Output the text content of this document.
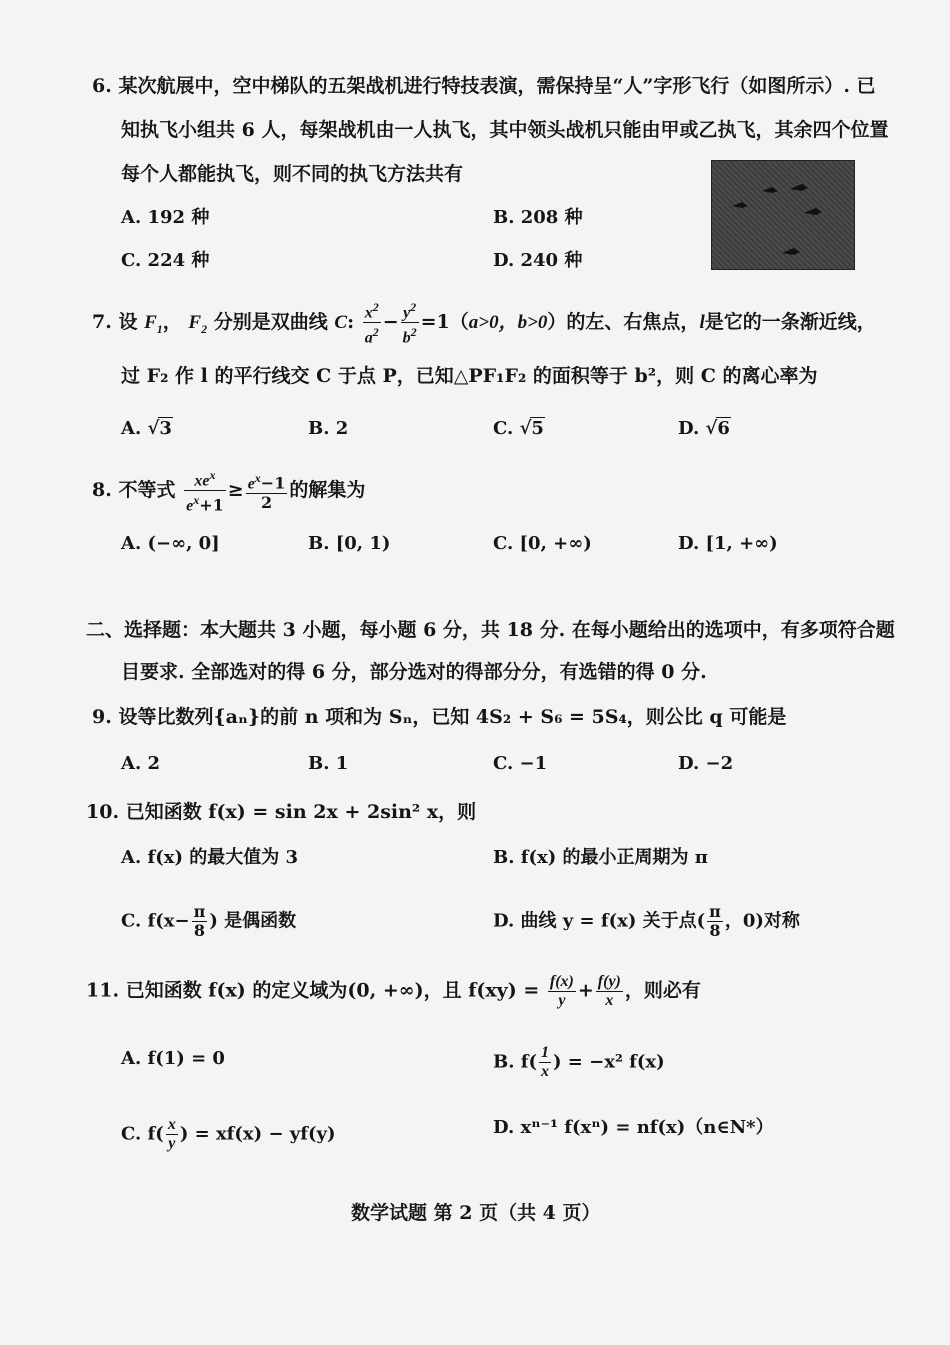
6. 某次航展中，空中梯队的五架战机进行特技表演，需保持呈“人”字形飞行（如图所示）. 已
知执飞小组共 6 人，每架战机由一人执飞，其中领头战机只能由甲或乙执飞，其余四个位置
每个人都能执飞，则不同的执飞方法共有
A. 192 种	B. 208 种
C. 224 种	D. 240 种
7. 设 $F_1$， $F_2$ 分别是双曲线 C: $\frac{x^2}{a^2} - \frac{y^2}{b^2} =1(a>0$，b>0）的左、右焦点，l是它的一条渐近线，
过 F₂ 作 l 的平行线交 C 于点 P，已知△PF₁F₂ 的面积等于 b²，则 C 的离心率为
A. √3	B. 2	C. √5	D. √6
8. 不等式 $\frac{xe^x}{e^x+1} \ge \frac{e^x-1}{2}$ 的解集为
A. (−∞, 0]	B. [0, 1)	C. [0, +∞)	D. [1, +∞)
二、选择题：本大题共 3 小题，每小题 6 分，共 18 分. 在每小题给出的选项中，有多项符合题
目要求. 全部选对的得 6 分，部分选对的得部分分，有选错的得 0 分.
9. 设等比数列{aₙ}的前 n 项和为 Sₙ，已知 4S₂ + S₆ = 5S₄，则公比 q 可能是
A. 2	B. 1	C. −1	D. −2
10. 已知函数 f(x) = sin 2x + 2sin² x，则
A. f(x) 的最大值为 3	B. f(x) 的最小正周期为 π
C. $f(x- \frac{\pi}{8}$ ) 是偶函数	D. 曲线 y = f(x) 关于点( $\frac{\pi}{8}$ ，0)对称
11. 已知函数 f(x) 的定义域为(0, +∞)，且 $f(xy) = \frac{f(x)}{y} + \frac{f(y)}{x}$ ，则必有
A. f(1) = 0	B. $f( \frac{1}{x}$ ) = −x² f(x)
C. $f( \frac{x}{y}$ ) = xf(x) − yf(y)	D. xⁿ⁻¹ f(xⁿ) = nf(x)（n∈N*）
数学试题 第 2 页（共 4 页）
